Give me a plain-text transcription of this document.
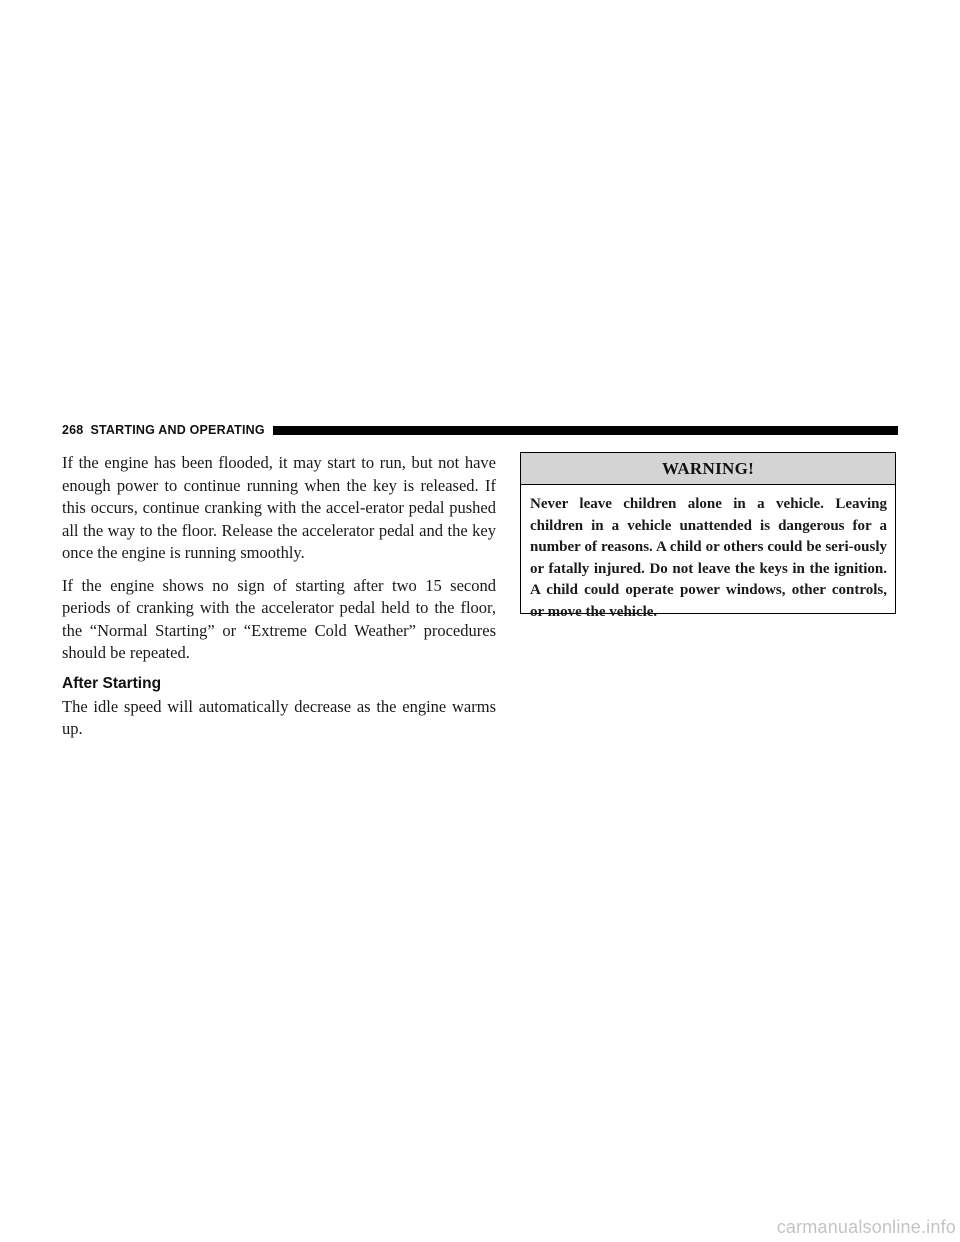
268 STARTING AND OPERATING

If the engine has been flooded, it may start to run, but not have enough power to continue running when the key is released. If this occurs, continue cranking with the accel-erator pedal pushed all the way to the floor. Release the accelerator pedal and the key once the engine is running smoothly.

If the engine shows no sign of starting after two 15 second periods of cranking with the accelerator pedal held to the floor, the “Normal Starting” or “Extreme Cold Weather” procedures should be repeated.

After Starting

The idle speed will automatically decrease as the engine warms up.

WARNING!

Never leave children alone in a vehicle. Leaving children in a vehicle unattended is dangerous for a number of reasons. A child or others could be seri-ously or fatally injured. Do not leave the keys in the ignition. A child could operate power windows, other controls, or move the vehicle.

carmanualsonline.info
